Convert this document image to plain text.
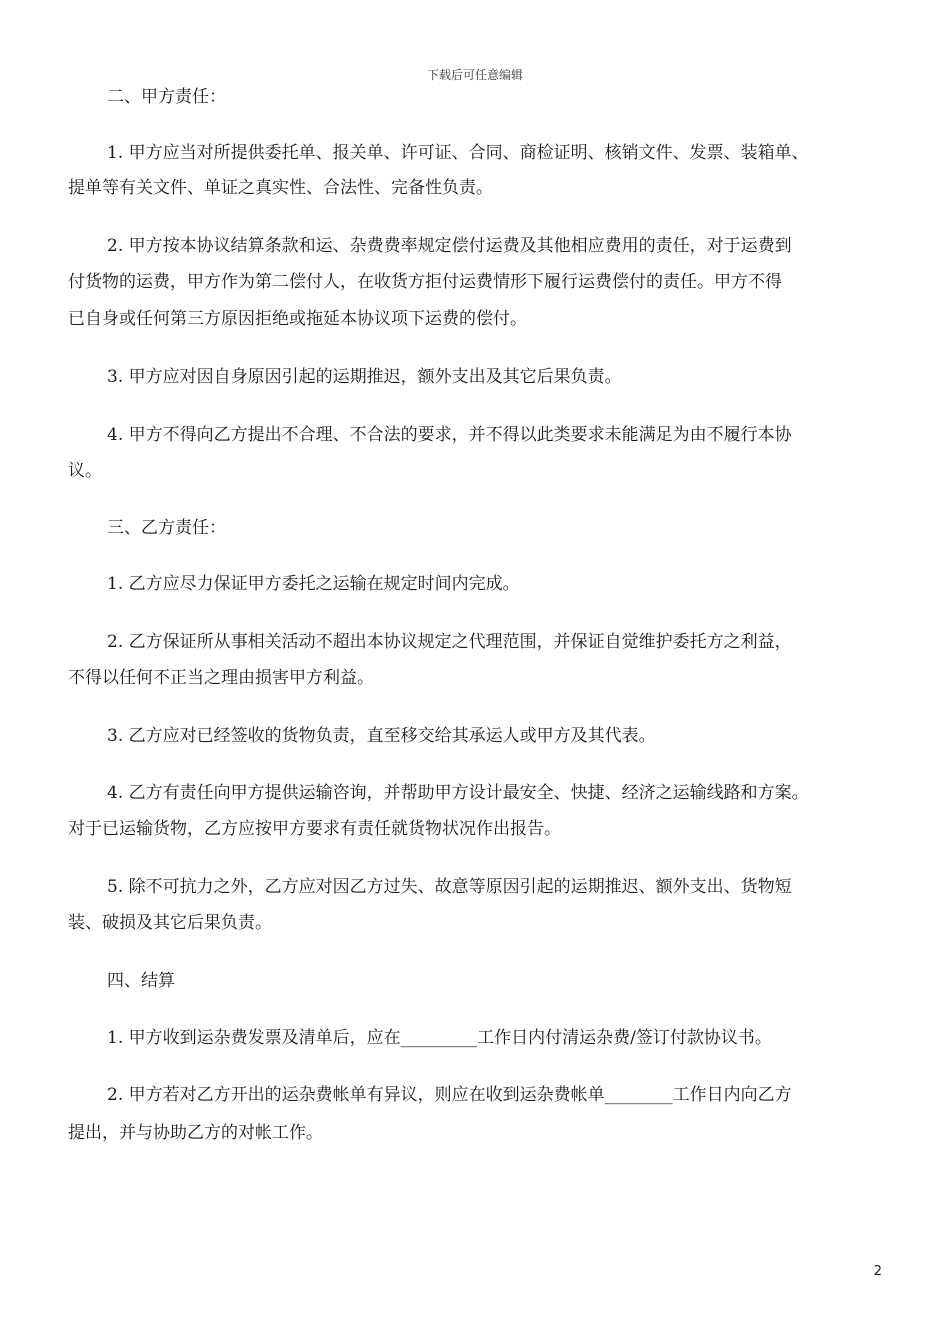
下载后可任意编辑
二、甲方责任：
1. 甲方应当对所提供委托单、报关单、许可证、合同、商检证明、核销文件、发票、装箱单、
提单等有关文件、单证之真实性、合法性、完备性负责。
2. 甲方按本协议结算条款和运、杂费费率规定偿付运费及其他相应费用的责任，对于运费到
付货物的运费，甲方作为第二偿付人，在收货方拒付运费情形下履行运费偿付的责任。甲方不得
已自身或任何第三方原因拒绝或拖延本协议项下运费的偿付。
3. 甲方应对因自身原因引起的运期推迟，额外支出及其它后果负责。
4. 甲方不得向乙方提出不合理、不合法的要求，并不得以此类要求未能满足为由不履行本协
议。
三、乙方责任：
1. 乙方应尽力保证甲方委托之运输在规定时间内完成。
2. 乙方保证所从事相关活动不超出本协议规定之代理范围，并保证自觉维护委托方之利益，
不得以任何不正当之理由损害甲方利益。
3. 乙方应对已经签收的货物负责，直至移交给其承运人或甲方及其代表。
4. 乙方有责任向甲方提供运输咨询，并帮助甲方设计最安全、快捷、经济之运输线路和方案。
对于已运输货物，乙方应按甲方要求有责任就货物状况作出报告。
5. 除不可抗力之外，乙方应对因乙方过失、故意等原因引起的运期推迟、额外支出、货物短
装、破损及其它后果负责。
四、结算
1. 甲方收到运杂费发票及清单后，应在_________工作日内付清运杂费/签订付款协议书。
2. 甲方若对乙方开出的运杂费帐单有异议，则应在收到运杂费帐单________工作日内向乙方
提出，并与协助乙方的对帐工作。
2
